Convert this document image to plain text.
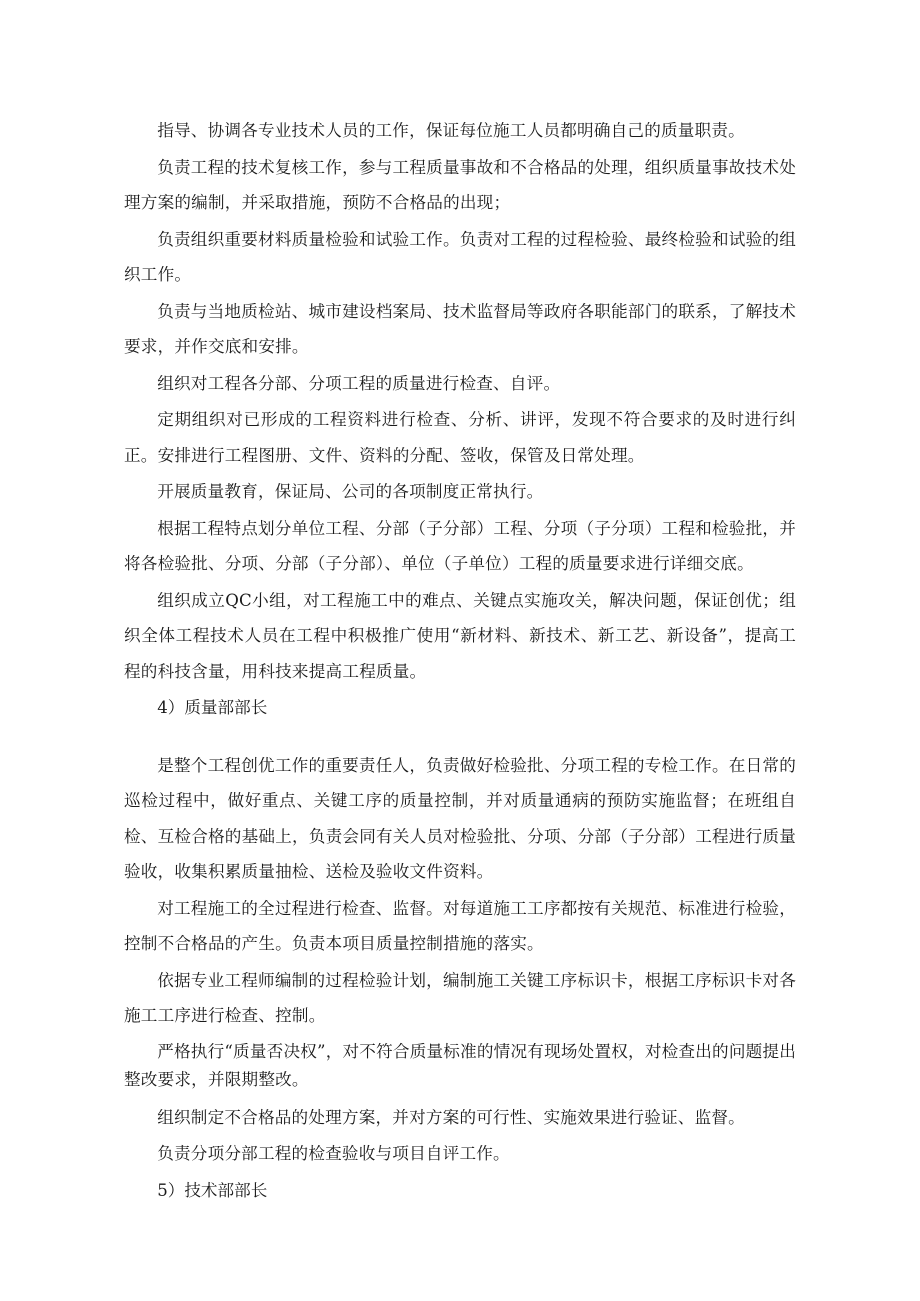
指导、协调各专业技术人员的工作，保证每位施工人员都明确自己的质量职责。

负责工程的技术复核工作，参与工程质量事故和不合格品的处理，组织质量事故技术处理方案的编制，并采取措施，预防不合格品的出现；

负责组织重要材料质量检验和试验工作。负责对工程的过程检验、最终检验和试验的组织工作。

负责与当地质检站、城市建设档案局、技术监督局等政府各职能部门的联系，了解技术要求，并作交底和安排。

组织对工程各分部、分项工程的质量进行检查、自评。

定期组织对已形成的工程资料进行检查、分析、讲评，发现不符合要求的及时进行纠正。安排进行工程图册、文件、资料的分配、签收，保管及日常处理。

开展质量教育，保证局、公司的各项制度正常执行。

根据工程特点划分单位工程、分部（子分部）工程、分项（子分项）工程和检验批，并将各检验批、分项、分部（子分部）、单位（子单位）工程的质量要求进行详细交底。

组织成立QC小组，对工程施工中的难点、关键点实施攻关，解决问题，保证创优；组织全体工程技术人员在工程中积极推广使用“新材料、新技术、新工艺、新设备”，提高工程的科技含量，用科技来提高工程质量。

4）质量部部长

是整个工程创优工作的重要责任人，负责做好检验批、分项工程的专检工作。在日常的巡检过程中，做好重点、关键工序的质量控制，并对质量通病的预防实施监督；在班组自检、互检合格的基础上，负责会同有关人员对检验批、分项、分部（子分部）工程进行质量验收，收集积累质量抽检、送检及验收文件资料。

对工程施工的全过程进行检查、监督。对每道施工工序都按有关规范、标准进行检验，控制不合格品的产生。负责本项目质量控制措施的落实。

依据专业工程师编制的过程检验计划，编制施工关键工序标识卡，根据工序标识卡对各施工工序进行检查、控制。

严格执行“质量否决权”，对不符合质量标准的情况有现场处置权，对检查出的问题提出整改要求，并限期整改。

组织制定不合格品的处理方案，并对方案的可行性、实施效果进行验证、监督。

负责分项分部工程的检查验收与项目自评工作。

5）技术部部长
